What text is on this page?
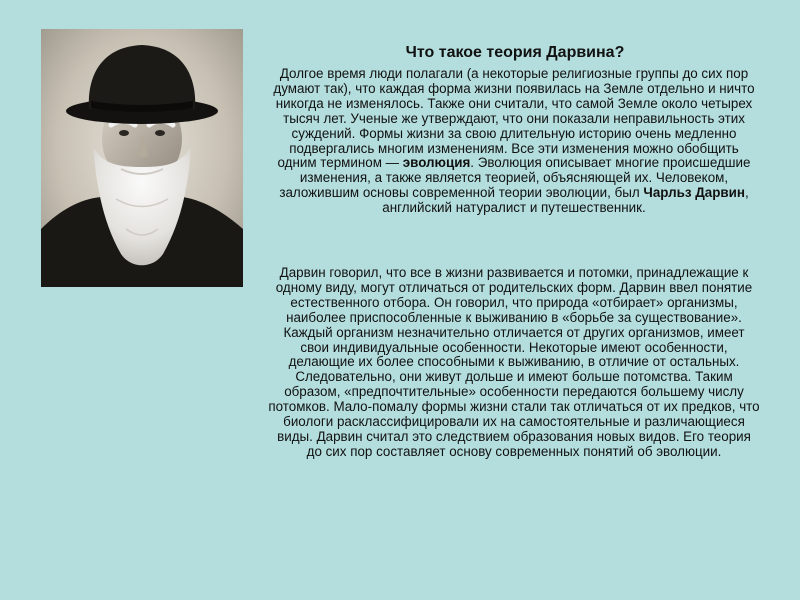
Что такое теория Дарвина?

Долгое время люди полагали (а некоторые религиозные группы до сих пор думают так), что каждая форма жизни появилась на Земле отдельно и ничто никогда не изменялось. Также они считали, что самой Земле около четырех тысяч лет. Ученые же утверждают, что они показали неправильность этих суждений. Формы жизни за свою длительную историю очень медленно подвергались многим изменениям. Все эти изменения можно обобщить одним термином — эволюция. Эволюция описывает многие происшедшие изменения, а также является теорией, объясняющей их. Человеком, заложившим основы современной теории эволюции, был Чарльз Дарвин, английский натуралист и путешественник.

Дарвин говорил, что все в жизни развивается и потомки, принадлежащие к одному виду, могут отличаться от родительских форм. Дарвин ввел понятие естественного отбора. Он говорил, что природа «отбирает» организмы, наиболее приспособленные к выживанию в «борьбе за существование». Каждый организм незначительно отличается от других организмов, имеет свои индивидуальные особенности. Некоторые имеют особенности, делающие их более способными к выживанию, в отличие от остальных. Следовательно, они живут дольше и имеют больше потомства. Таким образом, «предпочтительные» особенности передаются большему числу потомков. Мало-помалу формы жизни стали так отличаться от их предков, что биологи расклассифицировали их на самостоятельные и различающиеся виды. Дарвин считал это следствием образования новых видов. Его теория до сих пор составляет основу современных понятий об эволюции.
